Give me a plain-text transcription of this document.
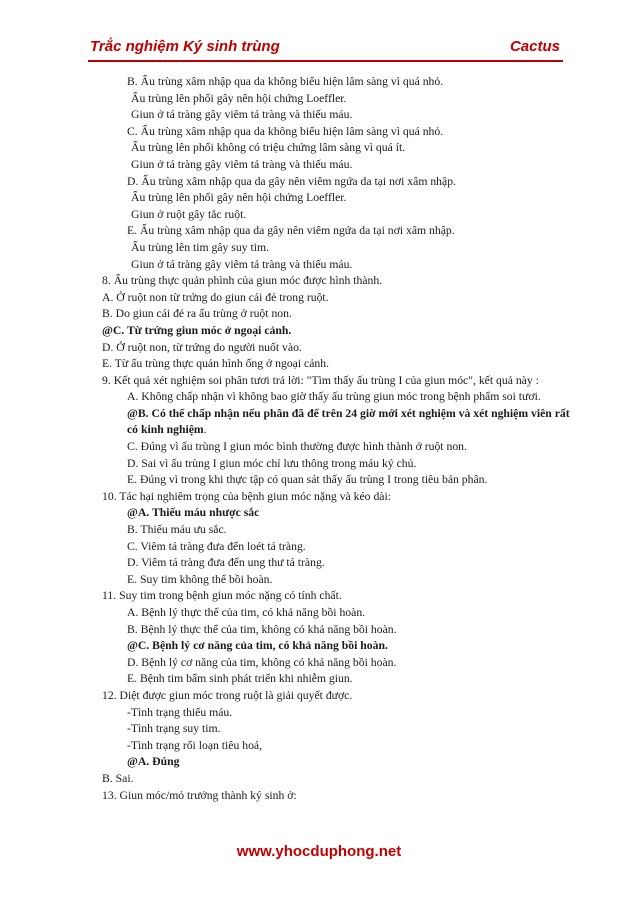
Trắc nghiệm Ký sinh trùng	Cactus
B. Ấu trùng xâm nhập qua da không biểu hiện lâm sàng vì quá nhỏ.
Ấu trùng lên phổi gây nên hội chứng Loeffler.
Giun ở tá tràng gây viêm tá tràng và thiếu máu.
C. Ấu trùng xâm nhập qua da không biểu hiện lâm sàng vì quá nhỏ.
Ấu trùng lên phổi không có triệu chứng lâm sàng vì quá ít.
Giun ở tá tràng gây viêm tá tràng và thiếu máu.
D. Ấu trùng xâm nhập qua da gây nên viêm ngứa da tại nơi xâm nhập.
Ấu trùng lên phổi gây nên hội chứng Loeffler.
Giun ở ruột gây tắc ruột.
E. Ấu trùng xâm nhập qua da gây nên viêm ngứa da tại nơi xâm nhập.
Ấu trùng lên tim gây suy tim.
Giun ở tá tràng gây viêm tá tràng và thiếu máu.
8. Ấu trùng thực quản phình của giun móc được hình thành.
A. Ở ruột non từ trứng do giun cái đẻ trong ruột.
B. Do giun cái đẻ ra ấu trùng ở ruột non.
@C. Từ trứng giun móc ở ngoại cảnh.
D. Ở ruột non, từ trứng do người nuốt vào.
E. Từ ấu trùng thực quản hình ống ở ngoại cảnh.
9. Kết quả xét nghiệm soi phân tươi trả lời: "Tìm thấy ấu trùng I của giun móc", kết quả này :
A. Không chấp nhận vì không bao giờ thấy ấu trùng giun móc trong bệnh phẩm soi tươi.
@B. Có thể chấp nhận nếu phân đã để trên 24 giờ mới xét nghiệm và xét nghiệm viên rất có kinh nghiệm.
C. Đúng vì ấu trùng I giun móc bình thường được hình thành ở ruột non.
D. Sai vì ấu trùng I giun móc chỉ lưu thông trong máu ký chủ.
E. Đúng vì trong khi thực tập có quan sát thấy ấu trùng I trong tiêu bản phân.
10. Tác hại nghiêm trọng của bệnh giun móc nặng và kéo dài:
@A. Thiếu máu nhược sắc
B. Thiếu máu ưu sắc.
C. Viêm tá tràng đưa đến loét tá tràng.
D. Viêm tá tràng đưa đến ung thư tá tràng.
E. Suy tim không thể bồi hoàn.
11. Suy tim trong bệnh giun móc nặng có tính chất.
A. Bệnh lý thực thể của tim, có khả năng bồi hoàn.
B. Bệnh lý thực thể của tim, không có khả năng bồi hoàn.
@C. Bệnh lý cơ năng của tim, có khả năng bồi hoàn.
D. Bệnh lý cơ năng của tim, không có khả năng bồi hoàn.
E. Bệnh tim bẩm sinh phát triển khi nhiễm giun.
12. Diệt được giun móc trong ruột là giải quyết được.
-Tình trạng thiếu máu.
-Tình trạng suy tim.
-Tình trạng rối loạn tiêu hoá,
@A. Đúng
B. Sai.
13. Giun móc/mỏ trưởng thành ký sinh ở:
www.yhocduphong.net
